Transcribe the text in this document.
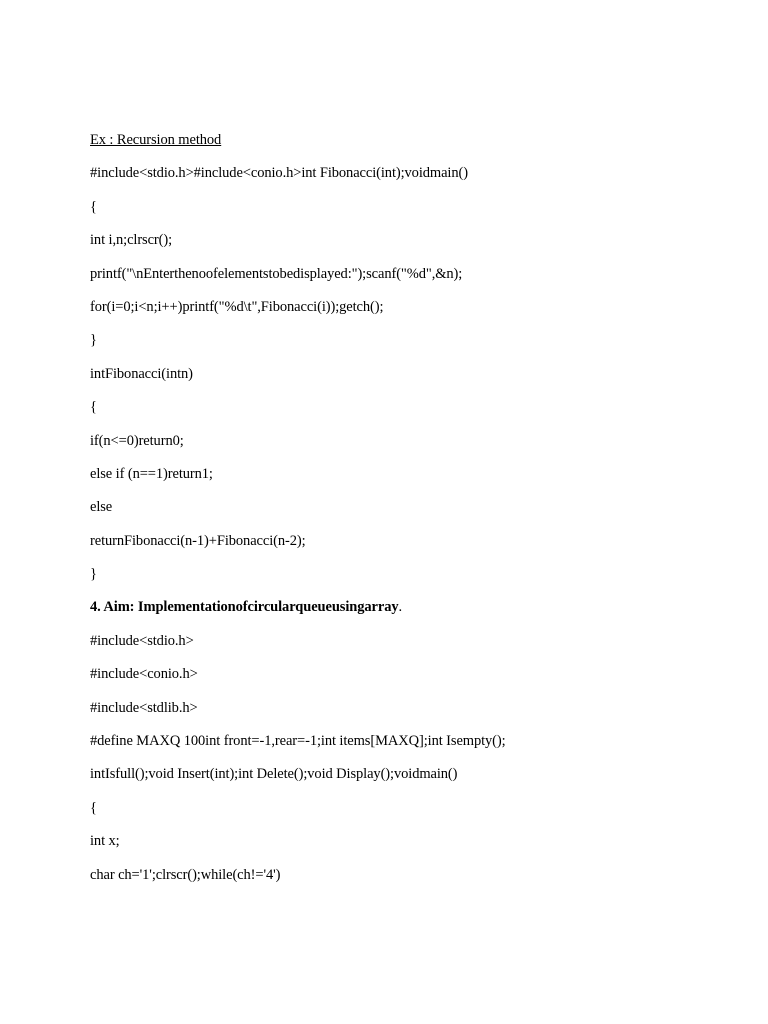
Ex : Recursion method
#include<stdio.h>#include<conio.h>int Fibonacci(int);voidmain()
{
int i,n;clrscr();
printf("\nEnterthenoofelementstobedisplayed:");scanf("%d",&n);
for(i=0;i<n;i++)printf("%d\t",Fibonacci(i));getch();
}
intFibonacci(intn)
{
if(n<=0)return0;
else if (n==1)return1;
else
returnFibonacci(n-1)+Fibonacci(n-2);
}
4. Aim: Implementationofcircularqueueusingarray.
#include<stdio.h>
#include<conio.h>
#include<stdlib.h>
#define MAXQ 100int front=-1,rear=-1;int items[MAXQ];int Isempty();
intIsfull();void Insert(int);int Delete();void Display();voidmain()
{
int x;
char ch='1';clrscr();while(ch!='4')
